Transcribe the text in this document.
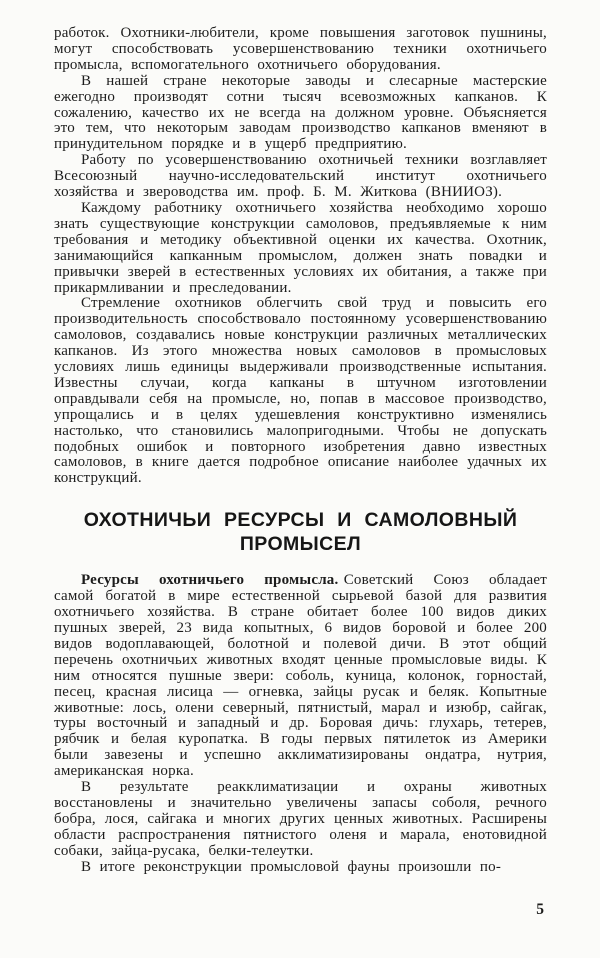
работок. Охотники-любители, кроме повышения заготовок пушнины, могут способствовать усовершенствованию техники охотничьего промысла, вспомогательного охотничьего оборудования.

В нашей стране некоторые заводы и слесарные мастерские ежегодно производят сотни тысяч всевозможных капканов. К сожалению, качество их не всегда на должном уровне. Объясняется это тем, что некоторым заводам производство капканов вменяют в принудительном порядке и в ущерб предприятию.

Работу по усовершенствованию охотничьей техники возглавляет Всесоюзный научно-исследовательский институт охотничьего хозяйства и звероводства им. проф. Б. М. Житкова (ВНИИОЗ).

Каждому работнику охотничьего хозяйства необходимо хорошо знать существующие конструкции самоловов, предъявляемые к ним требования и методику объективной оценки их качества. Охотник, занимающийся капканным промыслом, должен знать повадки и привычки зверей в естественных условиях их обитания, а также при прикармливании и преследовании.

Стремление охотников облегчить свой труд и повысить его производительность способствовало постоянному усовершенствованию самоловов, создавались новые конструкции различных металлических капканов. Из этого множества новых самоловов в промысловых условиях лишь единицы выдерживали производственные испытания. Известны случаи, когда капканы в штучном изготовлении оправдывали себя на промысле, но, попав в массовое производство, упрощались и в целях удешевления конструктивно изменялись настолько, что становились малопригодными. Чтобы не допускать подобных ошибок и повторного изобретения давно известных самоловов, в книге дается подробное описание наиболее удачных их конструкций.

ОХОТНИЧЬИ РЕСУРСЫ И САМОЛОВНЫЙ ПРОМЫСЕЛ

Ресурсы охотничьего промысла. Советский Союз обладает самой богатой в мире естественной сырьевой базой для развития охотничьего хозяйства. В стране обитает более 100 видов диких пушных зверей, 23 вида копытных, 6 видов боровой и более 200 видов водоплавающей, болотной и полевой дичи. В этот общий перечень охотничьих животных входят ценные промысловые виды. К ним относятся пушные звери: соболь, куница, колонок, горностай, песец, красная лисица — огневка, зайцы русак и беляк. Копытные животные: лось, олени северный, пятнистый, марал и изюбр, сайгак, туры восточный и западный и др. Боровая дичь: глухарь, тетерев, рябчик и белая куропатка. В годы первых пятилеток из Америки были завезены и успешно акклиматизированы ондатра, нутрия, американская норка.

В результате реакклиматизации и охраны животных восстановлены и значительно увеличены запасы соболя, речного бобра, лося, сайгака и многих других ценных животных. Расширены области распространения пятнистого оленя и марала, енотовидной собаки, зайца-русака, белки-телеутки.

В итоге реконструкции промысловой фауны произошли по-

5
